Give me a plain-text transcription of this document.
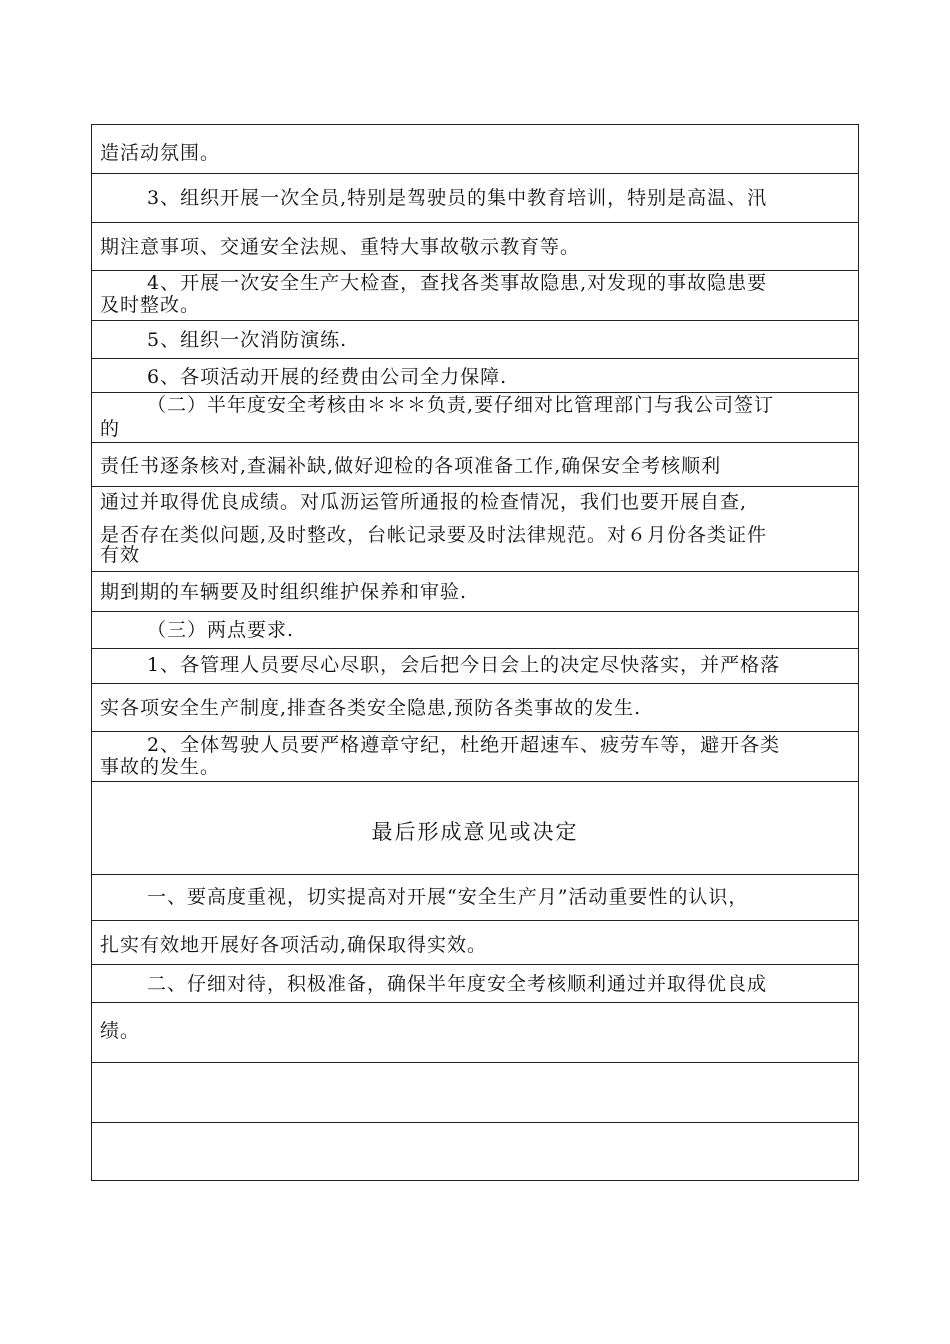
造活动氛围。
3、组织开展一次全员,特别是驾驶员的集中教育培训，特别是高温、汛
期注意事项、交通安全法规、重特大事故敬示教育等。
4、开展一次安全生产大检查，查找各类事故隐患,对发现的事故隐患要
及时整改。
5、组织一次消防演练.
6、各项活动开展的经费由公司全力保障.
（二）半年度安全考核由＊＊＊负责,要仔细对比管理部门与我公司签订
的
责任书逐条核对,查漏补缺,做好迎检的各项准备工作,确保安全考核顺利
通过并取得优良成绩。对瓜沥运管所通报的检查情况，我们也要开展自查,
是否存在类似问题,及时整改，台帐记录要及时法律规范。对６月份各类证件
有效
期到期的车辆要及时组织维护保养和审验.
（三）两点要求.
1、各管理人员要尽心尽职，会后把今日会上的决定尽快落实，并严格落
实各项安全生产制度,排查各类安全隐患,预防各类事故的发生.
2、全体驾驶人员要严格遵章守纪，杜绝开超速车、疲劳车等，避开各类
事故的发生。
最后形成意见或决定
一、要高度重视，切实提高对开展“安全生产月”活动重要性的认识，
扎实有效地开展好各项活动,确保取得实效。
二、仔细对待，积极准备，确保半年度安全考核顺利通过并取得优良成
绩。
